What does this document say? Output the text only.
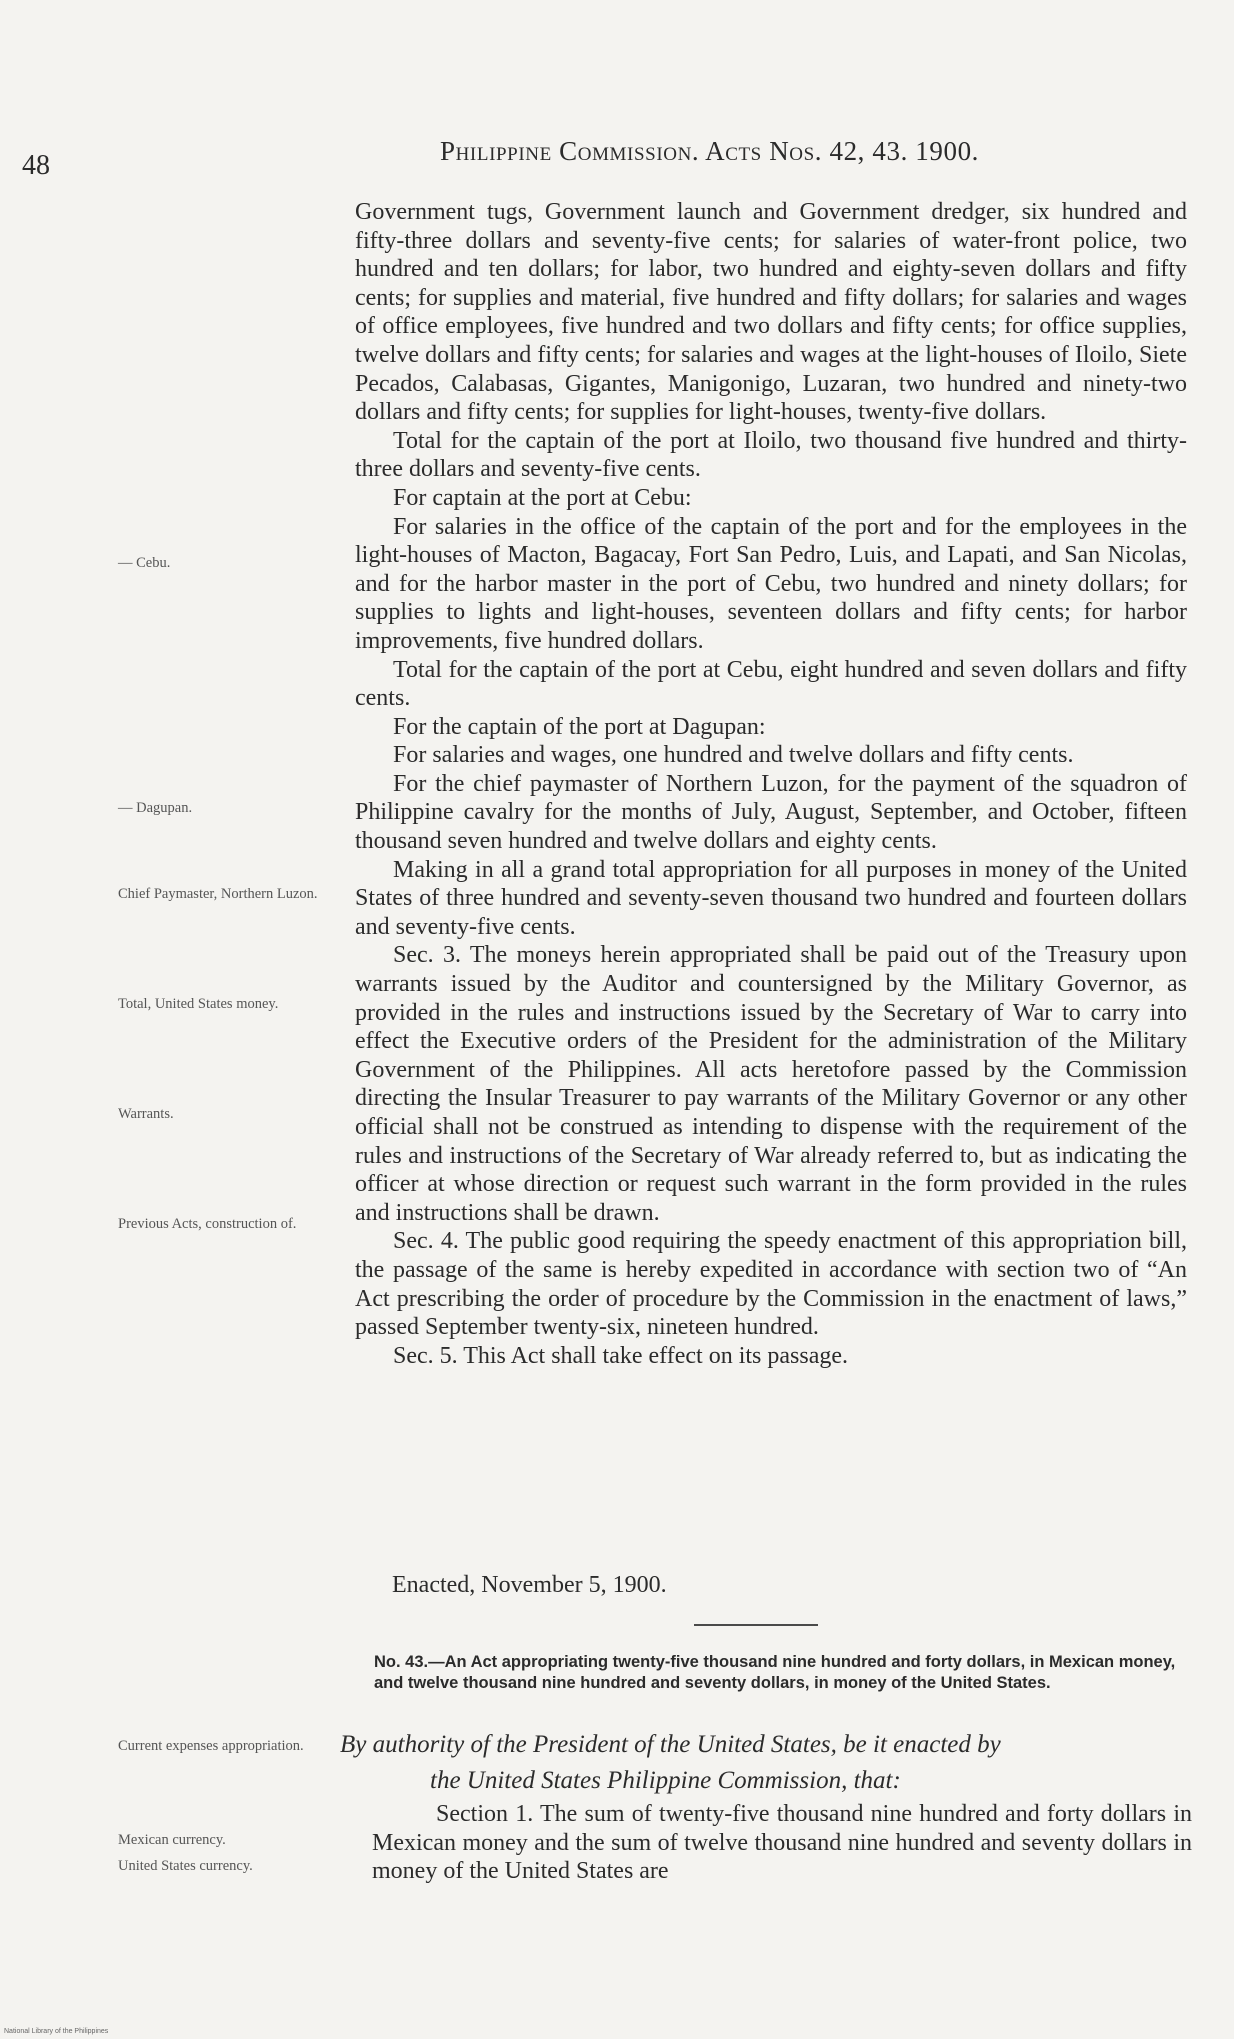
48	Philippine Commission. Acts Nos. 42, 43. 1900.
— Cebu.
— Dagupan.
Chief Paymaster, Northern Luzon.
Total, United States money.
Warrants.
Previous Acts, construction of.
Current expenses appropriation.
Mexican currency.
United States currency.

Government tugs, Government launch and Government dredger, six hundred and fifty-three dollars and seventy-five cents; for salaries of water-front police, two hundred and ten dollars; for labor, two hundred and eighty-seven dollars and fifty cents; for supplies and material, five hundred and fifty dollars; for salaries and wages of office employees, five hundred and two dollars and fifty cents; for office supplies, twelve dollars and fifty cents; for salaries and wages at the light-houses of Iloilo, Siete Pecados, Calabasas, Gigantes, Manigonigo, Luzaran, two hundred and ninety-two dollars and fifty cents; for supplies for light-houses, twenty-five dollars.

Total for the captain of the port at Iloilo, two thousand five hundred and thirty-three dollars and seventy-five cents.

For captain at the port at Cebu:

For salaries in the office of the captain of the port and for the employees in the light-houses of Macton, Bagacay, Fort San Pedro, Luis, and Lapati, and San Nicolas, and for the harbor master in the port of Cebu, two hundred and ninety dollars; for supplies to lights and light-houses, seventeen dollars and fifty cents; for harbor improvements, five hundred dollars.

Total for the captain of the port at Cebu, eight hundred and seven dollars and fifty cents.

For the captain of the port at Dagupan:

For salaries and wages, one hundred and twelve dollars and fifty cents.

For the chief paymaster of Northern Luzon, for the payment of the squadron of Philippine cavalry for the months of July, August, September, and October, fifteen thousand seven hundred and twelve dollars and eighty cents.

Making in all a grand total appropriation for all purposes in money of the United States of three hundred and seventy-seven thousand two hundred and fourteen dollars and seventy-five cents.

Sec. 3. The moneys herein appropriated shall be paid out of the Treasury upon warrants issued by the Auditor and countersigned by the Military Governor, as provided in the rules and instructions issued by the Secretary of War to carry into effect the Executive orders of the President for the administration of the Military Government of the Philippines. All acts heretofore passed by the Commission directing the Insular Treasurer to pay warrants of the Military Governor or any other official shall not be construed as intending to dispense with the requirement of the rules and instructions of the Secretary of War already referred to, but as indicating the officer at whose direction or request such warrant in the form provided in the rules and instructions shall be drawn.

Sec. 4. The public good requiring the speedy enactment of this appropriation bill, the passage of the same is hereby expedited in accordance with section two of “An Act prescribing the order of procedure by the Commission in the enactment of laws,” passed September twenty-six, nineteen hundred.

Sec. 5. This Act shall take effect on its passage.

Enacted, November 5, 1900.
No. 43.—An Act appropriating twenty-five thousand nine hundred and forty dollars, in Mexican money, and twelve thousand nine hundred and seventy dollars, in money of the United States.
By authority of the President of the United States, be it enacted by
the United States Philippine Commission, that:

Section 1. The sum of twenty-five thousand nine hundred and forty dollars in Mexican money and the sum of twelve thousand nine hundred and seventy dollars in money of the United States are

National Library of the Philippines
